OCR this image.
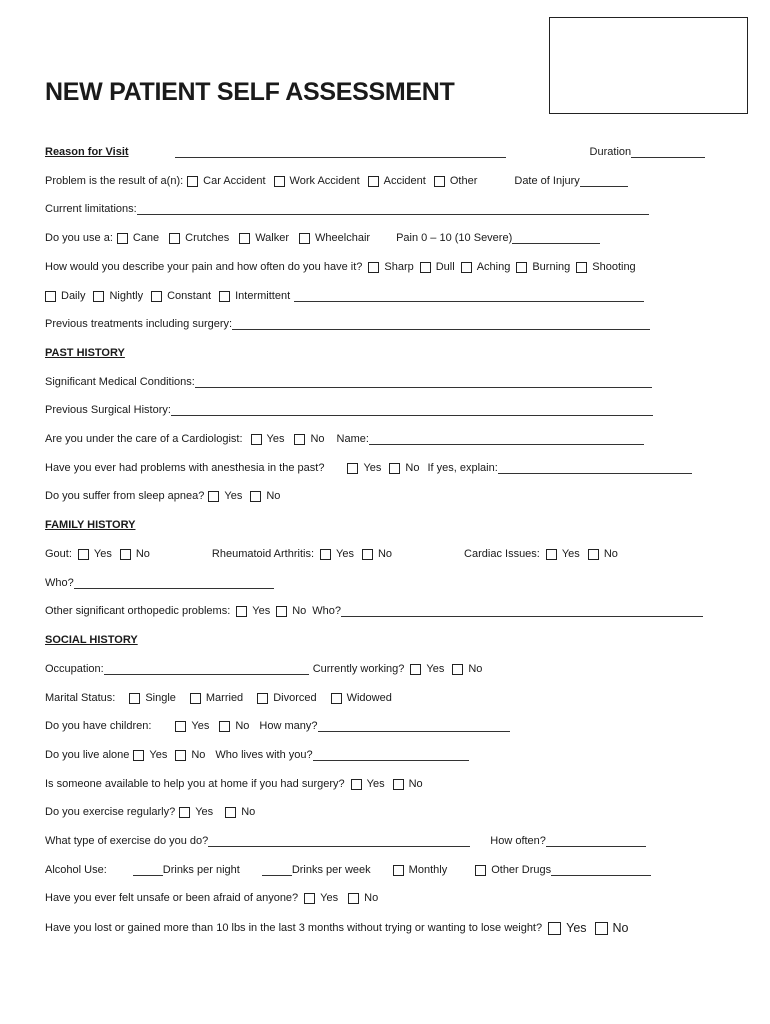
NEW PATIENT SELF ASSESSMENT
Reason for Visit	Duration
Problem is the result of a(n): Car Accident Work Accident Accident Other	Date of Injury
Current limitations:
Do you use a: Cane Crutches Walker Wheelchair Pain 0 – 10 (10 Severe)
How would you describe your pain and how often do you have it? Sharp Dull Aching Burning Shooting
Daily Nightly Constant Intermittent
Previous treatments including surgery:
PAST HISTORY
Significant Medical Conditions:
Previous Surgical History:
Are you under the care of a Cardiologist: Yes No Name:
Have you ever had problems with anesthesia in the past?	Yes No If yes, explain:
Do you suffer from sleep apnea? Yes No
FAMILY HISTORY
Gout: Yes No	Rheumatoid Arthritis: Yes No	Cardiac Issues: Yes No
Who?
Other significant orthopedic problems: Yes No Who?
SOCIAL HISTORY
Occupation:	Currently working? Yes No
Marital Status:	Single	Married	Divorced	Widowed
Do you have children:	Yes No How many?
Do you live alone Yes No Who lives with you?
Is someone available to help you at home if you had surgery? Yes No
Do you exercise regularly? Yes	No
What type of exercise do you do?	How often?
Alcohol Use:	Drinks per night	Drinks per week	Monthly	Other Drugs
Have you ever felt unsafe or been afraid of anyone? Yes No
Have you lost or gained more than 10 lbs in the last 3 months without trying or wanting to lose weight? Yes No
